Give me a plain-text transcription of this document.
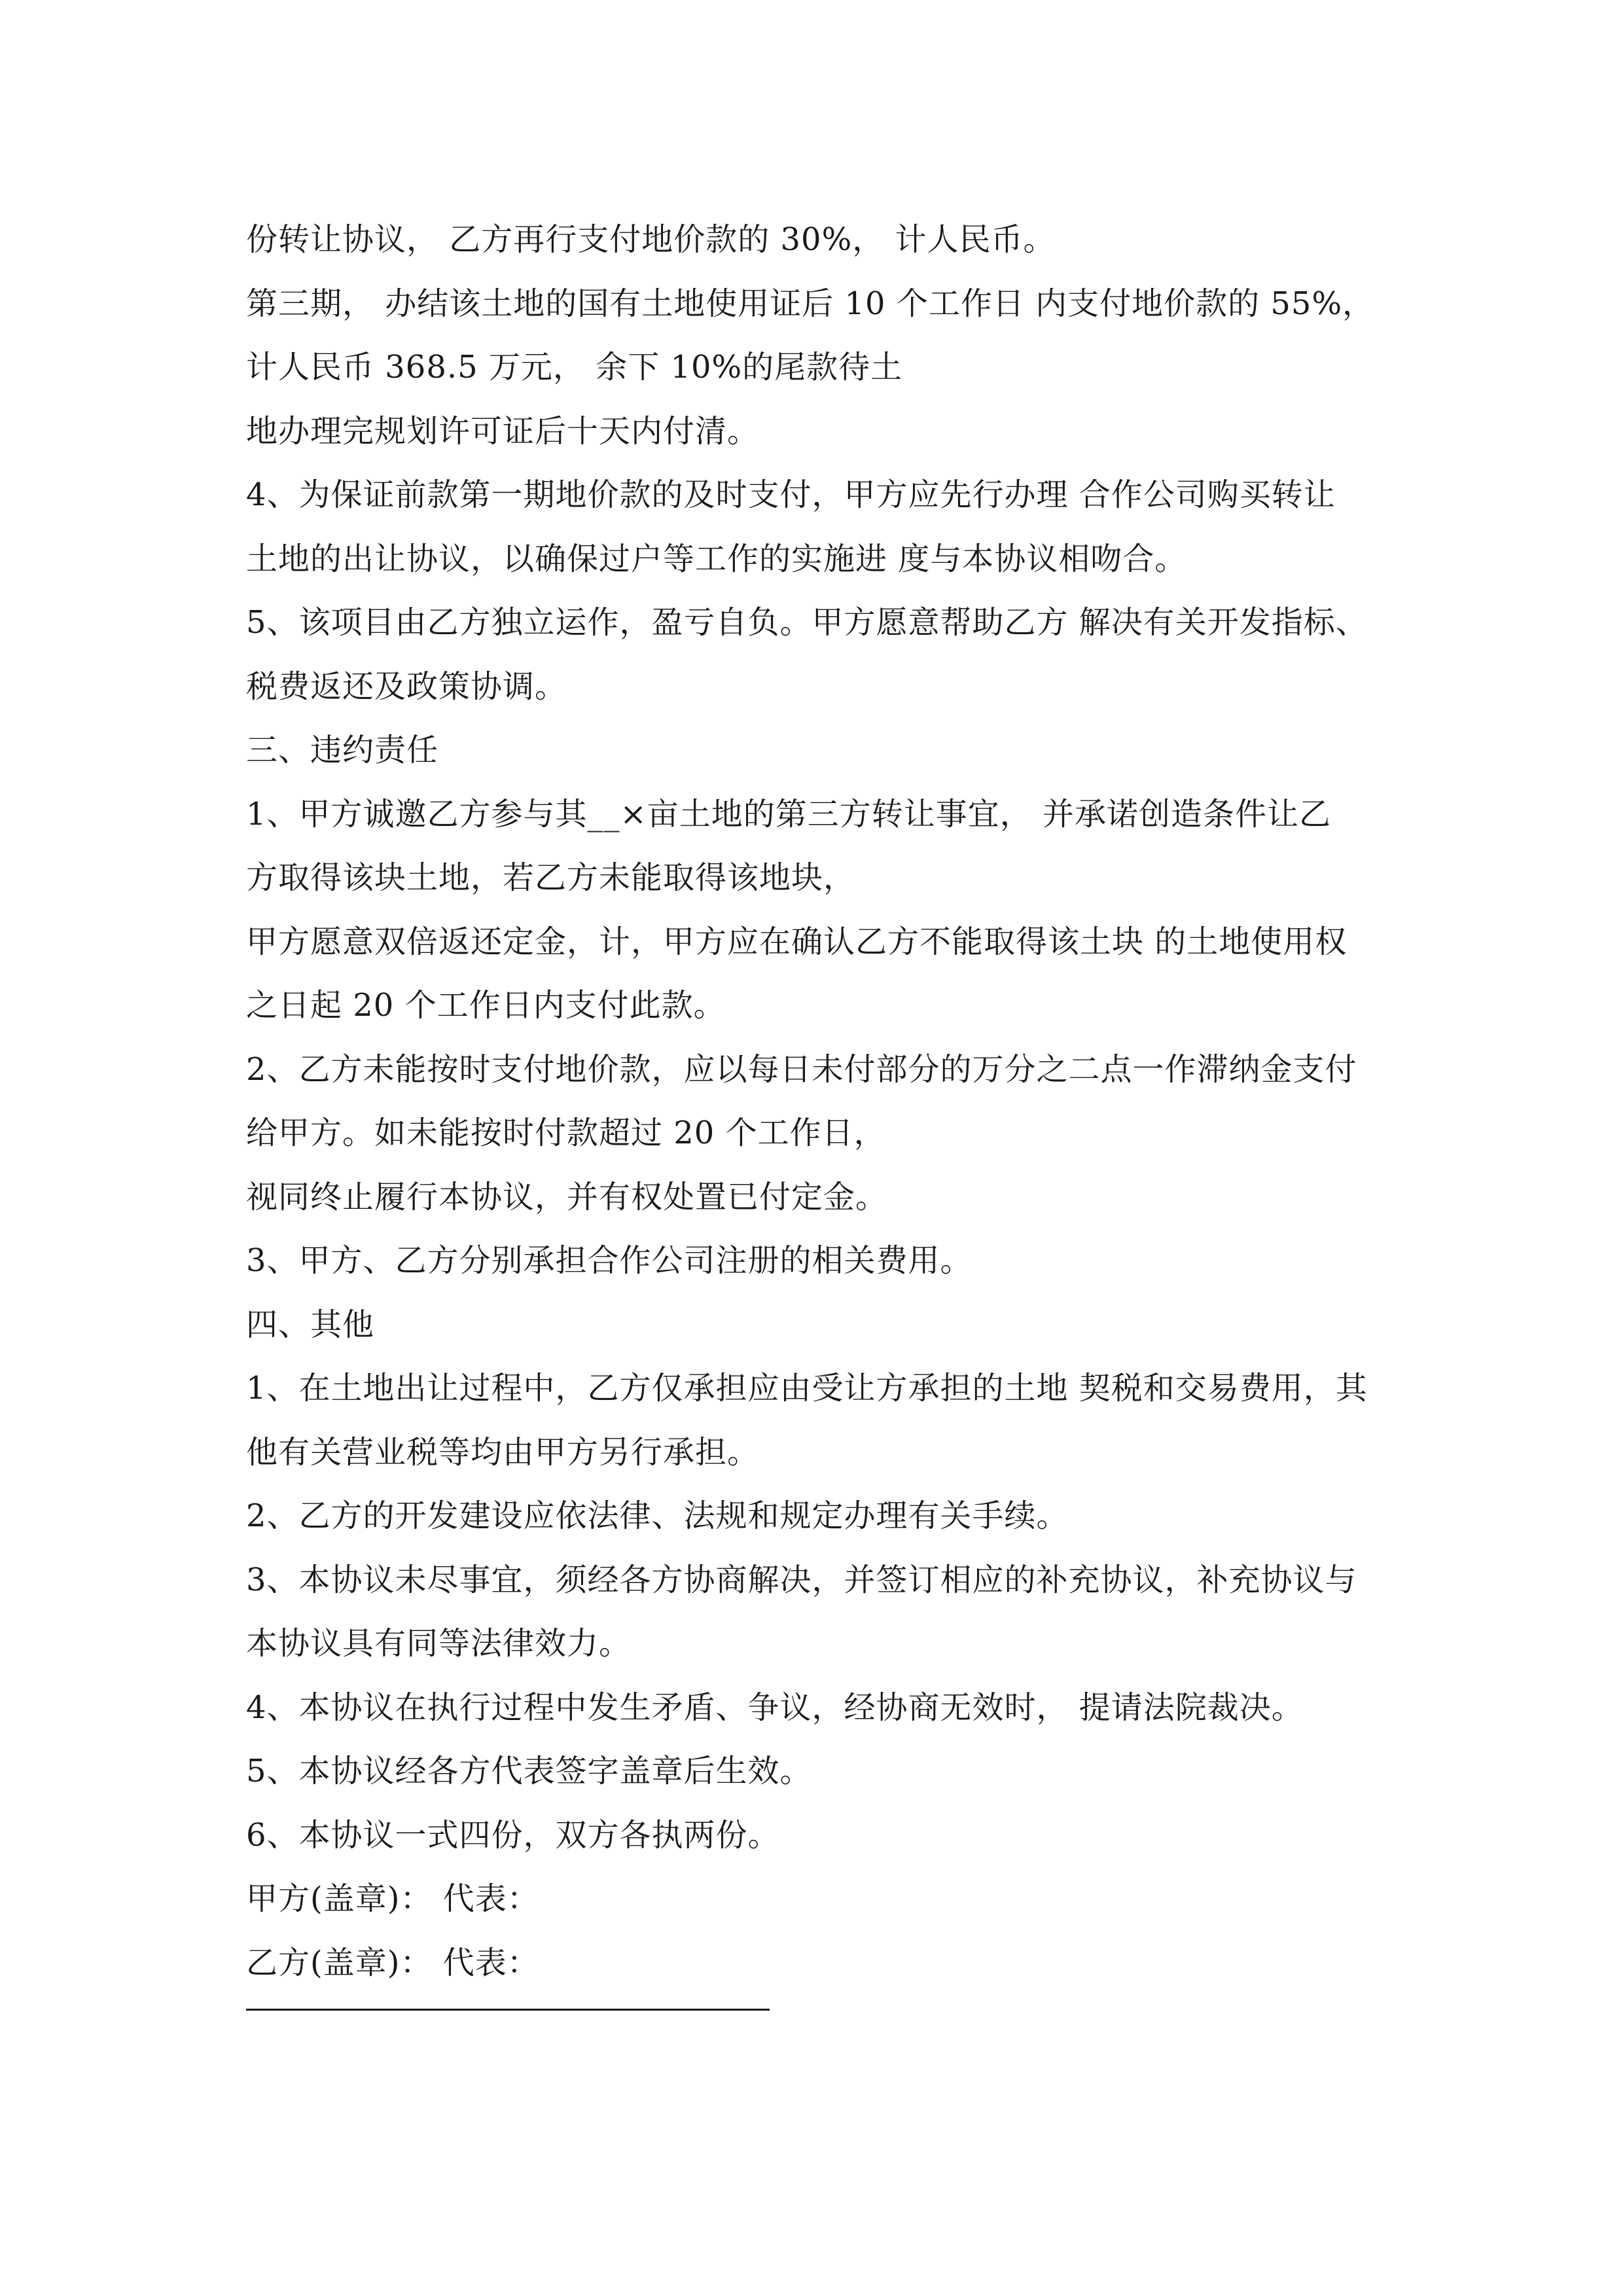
份转让协议， 乙方再行支付地价款的 30%， 计人民币。

第三期， 办结该土地的国有土地使用证后 10 个工作日 内支付地价款的 55%，

计人民币 368.5 万元， 余下 10%的尾款待土

地办理完规划许可证后十天内付清。

4、为保证前款第一期地价款的及时支付，甲方应先行办理 合作公司购买转让

土地的出让协议，以确保过户等工作的实施进 度与本协议相吻合。

5、该项目由乙方独立运作，盈亏自负。甲方愿意帮助乙方 解决有关开发指标、

税费返还及政策协调。

三、违约责任

1、甲方诚邀乙方参与其__×亩土地的第三方转让事宜， 并承诺创造条件让乙

方取得该块土地，若乙方未能取得该地块，

甲方愿意双倍返还定金，计，甲方应在确认乙方不能取得该土块 的土地使用权

之日起 20 个工作日内支付此款。

2、乙方未能按时支付地价款，应以每日未付部分的万分之二点一作滞纳金支付

给甲方。如未能按时付款超过 20 个工作日，

视同终止履行本协议，并有权处置已付定金。

3、甲方、乙方分别承担合作公司注册的相关费用。

四、其他

1、在土地出让过程中，乙方仅承担应由受让方承担的土地 契税和交易费用，其

他有关营业税等均由甲方另行承担。

2、乙方的开发建设应依法律、法规和规定办理有关手续。

3、本协议未尽事宜，须经各方协商解决，并签订相应的补充协议，补充协议与

本协议具有同等法律效力。

4、本协议在执行过程中发生矛盾、争议，经协商无效时， 提请法院裁决。

5、本协议经各方代表签字盖章后生效。

6、本协议一式四份，双方各执两份。

甲方(盖章)： 代表：

乙方(盖章)： 代表：
